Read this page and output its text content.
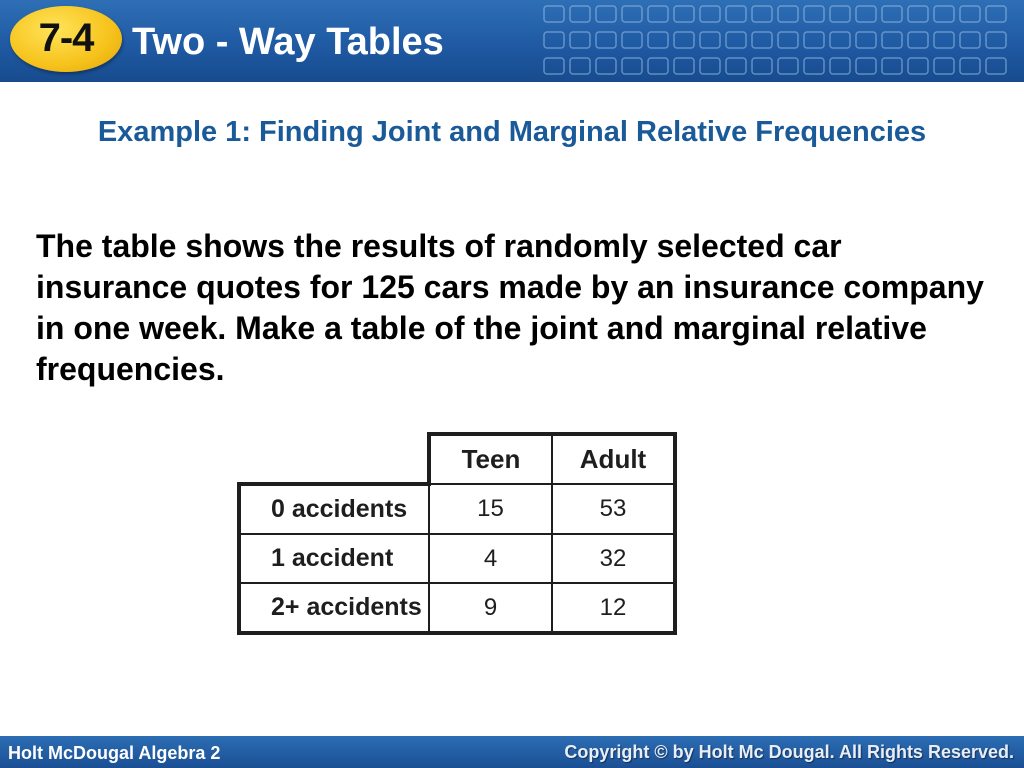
7-4	Two - Way Tables
Example 1: Finding Joint and Marginal Relative Frequencies
The table shows the results of randomly selected car insurance quotes for 125 cars made by an insurance company in one week. Make a table of the joint and marginal relative frequencies.
	Teen	Adult
0 accidents	15	53
1 accident	4	32
2+ accidents	9	12
Holt McDougal Algebra 2	Copyright © by Holt Mc Dougal. All Rights Reserved.
